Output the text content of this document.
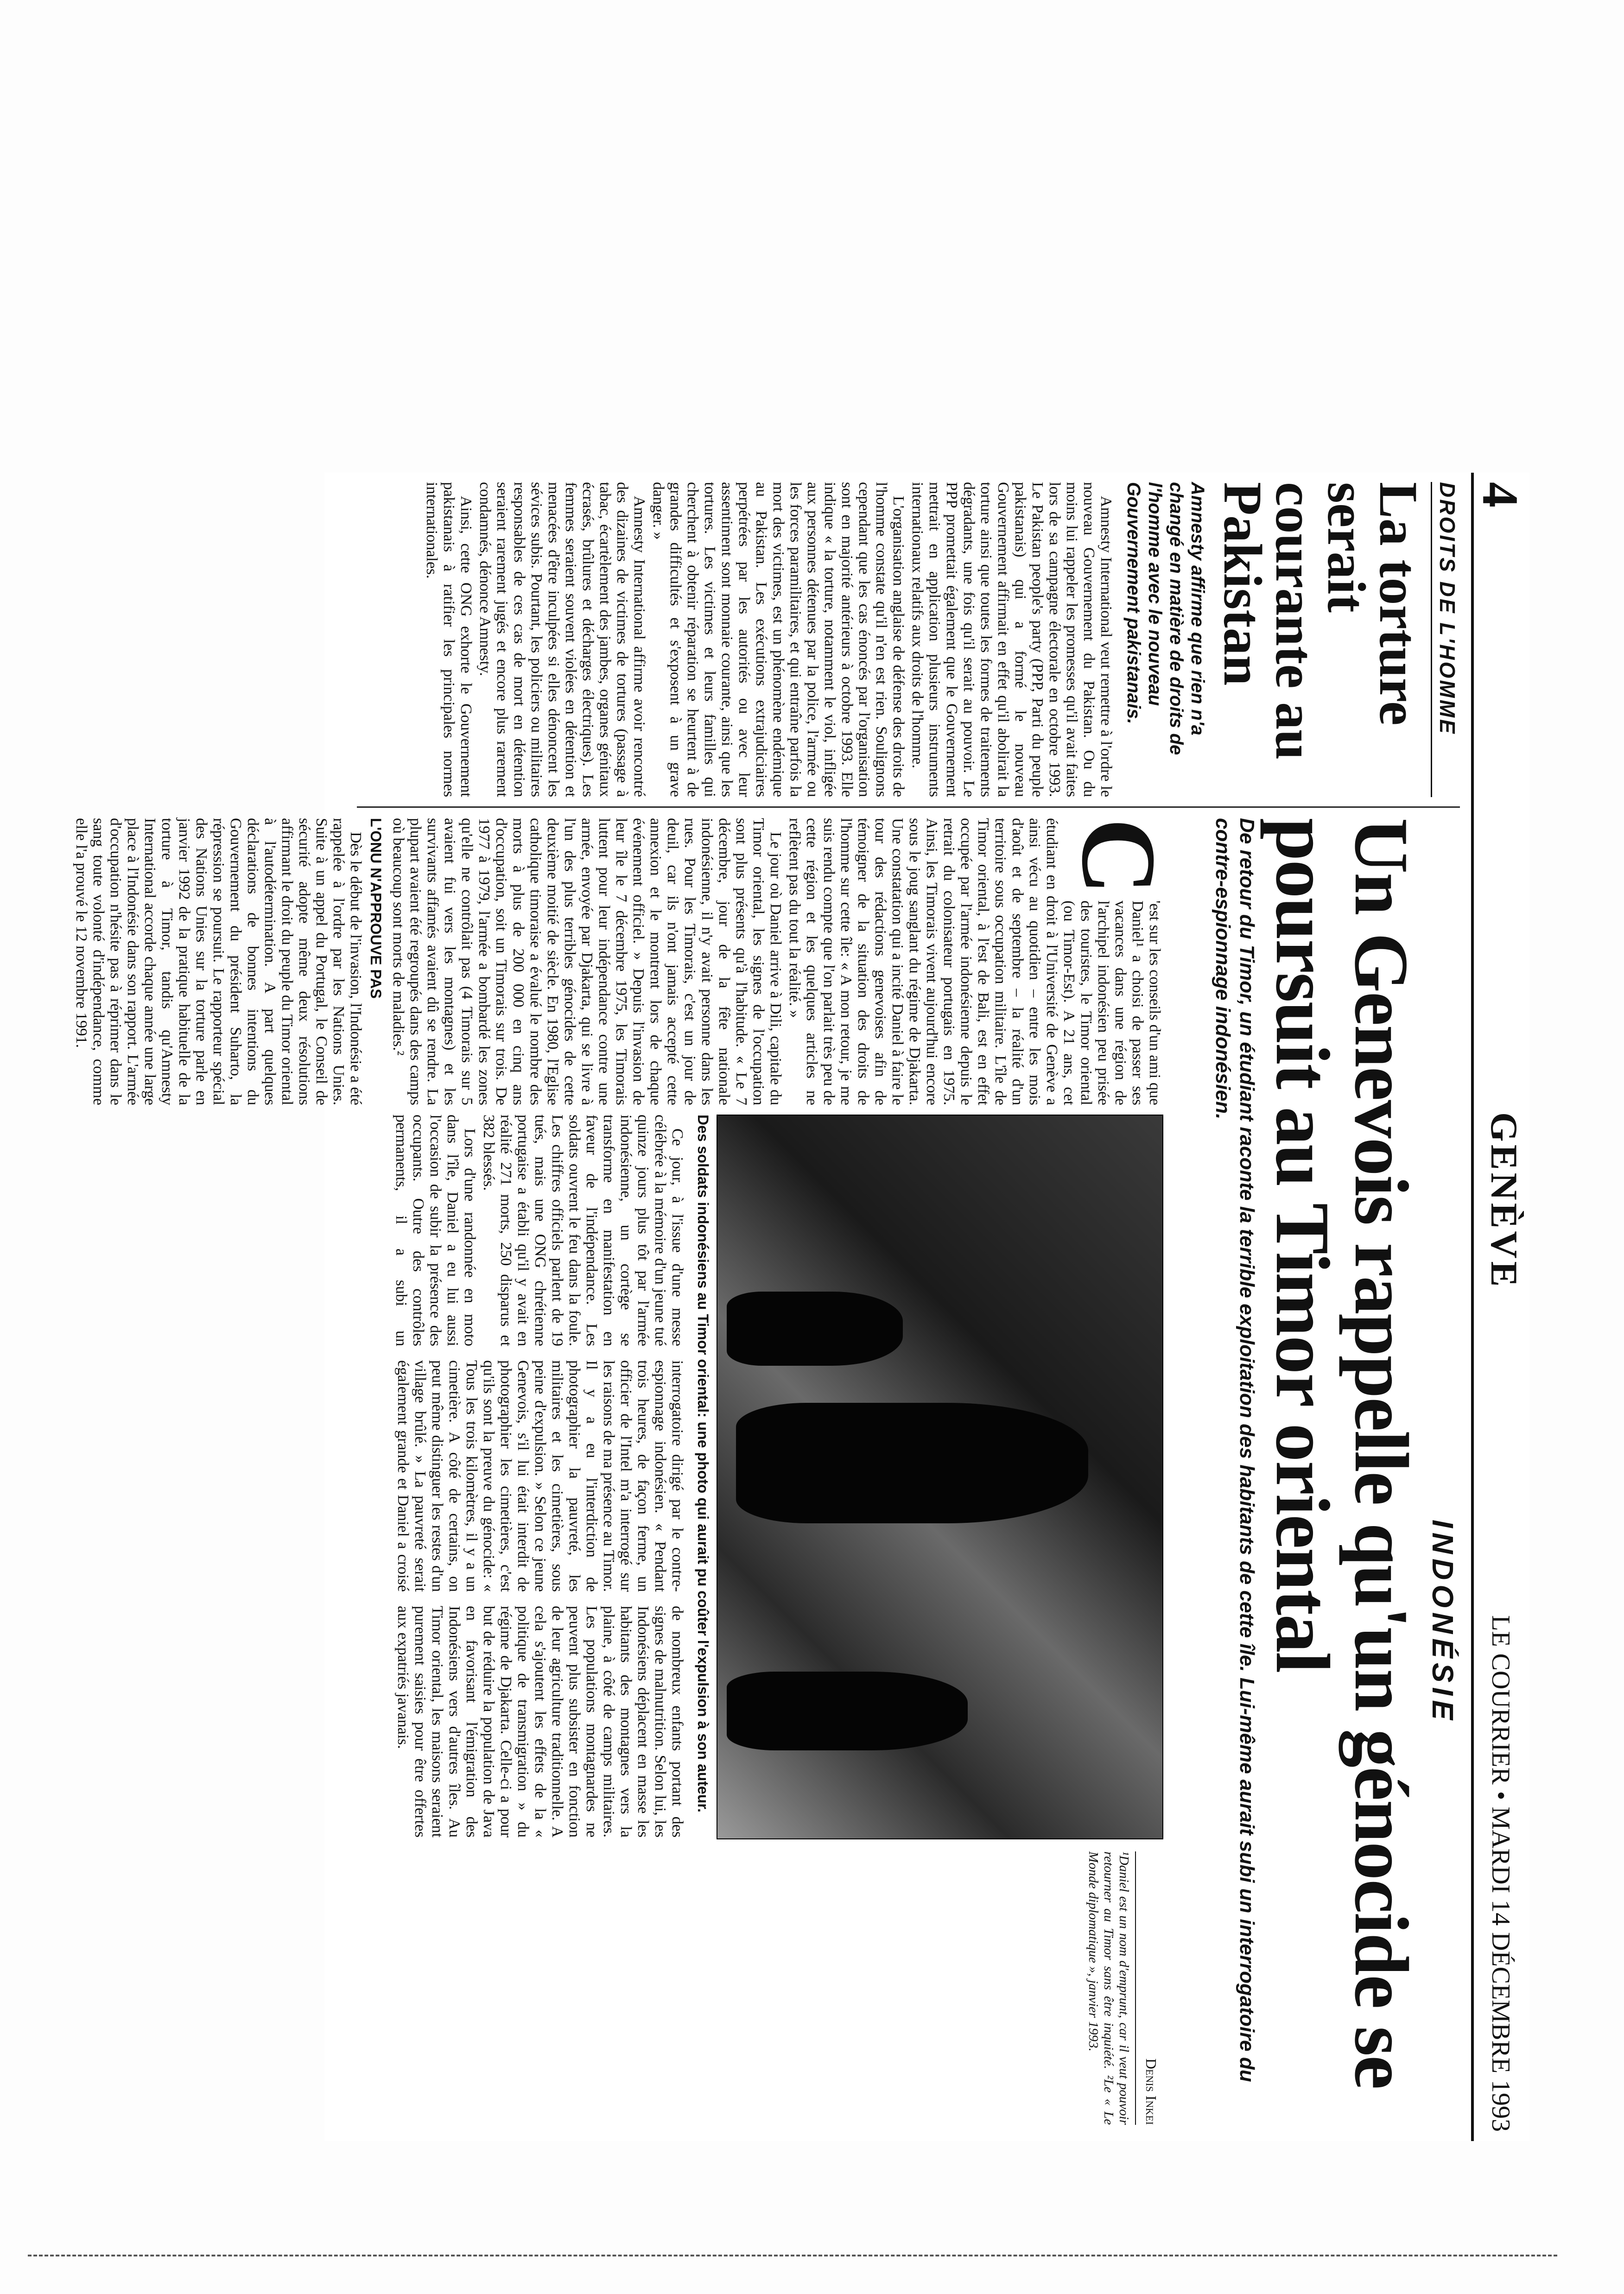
4
GENÈVE
LE COURRIER • MARDI 14 DÉCEMBRE 1993
DROITS DE L'HOMME
La torture serait courante au Pakistan
Amnesty affirme que rien n'a changé en matière de droits de l'homme avec le nouveau Gouvernement pakistanais.

Amnesty International veut remettre à l'ordre le nouveau Gouvernement du Pakistan. Ou du moins lui rappeler les promesses qu'il avait faites lors de sa campagne électorale en octobre 1993. Le Pakistan people's party (PPP, Parti du peuple pakistanais) qui a formé le nouveau Gouvernement affirmait en effet qu'il abolirait la torture ainsi que toutes les formes de traitements dégradants, une fois qu'il serait au pouvoir. Le PPP promettait également que le Gouvernement mettrait en application plusieurs instruments internationaux relatifs aux droits de l'homme.

L'organisation anglaise de défense des droits de l'homme constate qu'il n'en est rien. Soulignons cependant que les cas énoncés par l'organisation sont en majorité antérieurs à octobre 1993. Elle indique « la torture, notamment le viol, infligée aux personnes détenues par la police, l'armée ou les forces paramilitaires, et qui entraîne parfois la mort des victimes, est un phénomène endémique au Pakistan. Les exécutions extrajudiciaires perpétrées par les autorités ou avec leur assentiment sont monnaie courante, ainsi que les tortures. Les victimes et leurs familles qui cherchent à obtenir réparation se heurtent à de grandes difficultés et s'exposent à un grave danger. »

Amnesty International affirme avoir rencontré des dizaines de victimes de tortures (passage à tabac, écartèlement des jambes, organes génitaux écrasés, brûlures et décharges électriques). Les femmes seraient souvent violées en détention et menacées d'être inculpées si elles dénoncent les sévices subis. Pourtant, les policiers ou militaires responsables de ces cas de mort en détention seraient rarement jugés et encore plus rarement condamnés, dénonce Amnesty.

Ainsi, cette ONG exhorte le Gouvernement pakistanais à ratifier les principales normes internationales.

INDONÉSIE
Un Genevois rappelle qu'un génocide se poursuit au Timor oriental
De retour du Timor, un étudiant raconte la terrible exploitation des habitants de cette île. Lui-même aurait subi un interrogatoire du contre-espionnage indonésien.

C
'est sur les conseils d'un ami que Daniel¹ a choisi de passer ses vacances dans une région de l'archipel indonésien peu prisée des touristes, le Timor oriental (ou Timor-Est). A 21 ans, cet étudiant en droit à l'Université de Genève a ainsi vécu au quotidien – entre les mois d'août et de septembre – la réalité d'un territoire sous occupation militaire. L'île de Timor oriental, à l'est de Bali, est en effet occupée par l'armée indonésienne depuis le retrait du colonisateur portugais en 1975. Ainsi, les Timorais vivent aujourd'hui encore sous le joug sanglant du régime de Djakarta. Une constatation qui a incité Daniel à faire le tour des rédactions genevoises afin de témoigner de la situation des droits de l'homme sur cette île: « A mon retour, je me suis rendu compte que l'on parlait très peu de cette région et les quelques articles ne reflètent pas du tout la réalité. »

Le jour où Daniel arrive à Dili, capitale du Timor oriental, les signes de l'occupation sont plus présents qu'à l'habitude. « Le 7 décembre, jour de la fête nationale indonésienne, il n'y avait personne dans les rues. Pour les Timorais, c'est un jour de deuil, car ils n'ont jamais accepté cette annexion et le montrent lors de chaque événement officiel. » Depuis l'invasion de leur île le 7 décembre 1975, les Timorais luttent pour leur indépendance contre une armée, envoyée par Djakarta, qui se livre à l'un des plus terribles génocides de cette deuxième moitié de siècle. En 1980, l'Eglise catholique timoraise a évalué le nombre des morts à plus de 200 000 en cinq ans d'occupation, soit un Timorais sur trois. De 1977 à 1979, l'armée a bombardé les zones qu'elle ne contrôlait pas (4 Timorais sur 5 avaient fui vers les montagnes) et les survivants affamés avaient dû se rendre. La plupart avaient été regroupés dans des camps où beaucoup sont morts de maladies.²

L'ONU N'APPROUVE PAS

Dès le début de l'invasion, l'Indonésie a été rappelée à l'ordre par les Nations Unies. Suite à un appel du Portugal, le Conseil de sécurité adopte même deux résolutions affirmant le droit du peuple du Timor oriental à l'autodétermination. A part quelques déclarations de bonnes intentions du Gouvernement du président Suharto, la répression se poursuit. Le rapporteur spécial des Nations Unies sur la torture parle en janvier 1992 de la pratique habituelle de la torture à Timor, tandis qu'Amnesty International accorde chaque année une large place à l'Indonésie dans son rapport. L'armée d'occupation n'hésite pas à réprimer dans le sang toute volonté d'indépendance, comme elle l'a prouvé le 12 novembre 1991.

Des soldats indonésiens au Timor oriental: une photo qui aurait pu coûter l'expulsion à son auteur.

Ce jour, à l'issue d'une messe célébrée à la mémoire d'un jeune tué quinze jours plus tôt par l'armée indonésienne, un cortège se transforme en manifestation en faveur de l'indépendance. Les soldats ouvrent le feu dans la foule. Les chiffres officiels parlent de 19 tués, mais une ONG chrétienne portugaise a établi qu'il y avait en réalité 271 morts, 250 disparus et 382 blessés.

Lors d'une randonnée en moto dans l'île, Daniel a eu lui aussi l'occasion de subir la présence des occupants. Outre des contrôles permanents, il a subi un interrogatoire dirigé par le contre-espionnage indonésien. « Pendant trois heures, de façon ferme, un officier de l'Intel m'a interrogé sur les raisons de ma présence au Timor. Il y a eu l'interdiction de photographier la pauvreté, les militaires et les cimetières, sous peine d'expulsion. » Selon ce jeune Genevois, s'il lui était interdit de photographier les cimetières, c'est qu'ils sont la preuve du génocide: « Tous les trois kilomètres, il y a un cimetière. A côté de certains, on peut même distinguer les restes d'un village brûlé. » La pauvreté serait également grande et Daniel a croisé de nombreux enfants portant des signes de malnutrition. Selon lui, les Indonésiens déplacent en masse les habitants des montagnes vers la plaine, à côté de camps militaires. Les populations montagnardes ne peuvent plus subsister en fonction de leur agriculture traditionnelle. A cela s'ajoutent les effets de la « politique de transmigration » du régime de Djakarta. Celle-ci a pour but de réduire la population de Java en favorisant l'émigration des Indonésiens vers d'autres îles. Au Timor oriental, les maisons seraient purement saisies pour être offertes aux expatriés javanais.

Denis Inkei
¹Daniel est un nom d'emprunt, car il veut pouvoir retourner au Timor sans être inquiété. ²Le « Le Monde diplomatique », janvier 1993.
